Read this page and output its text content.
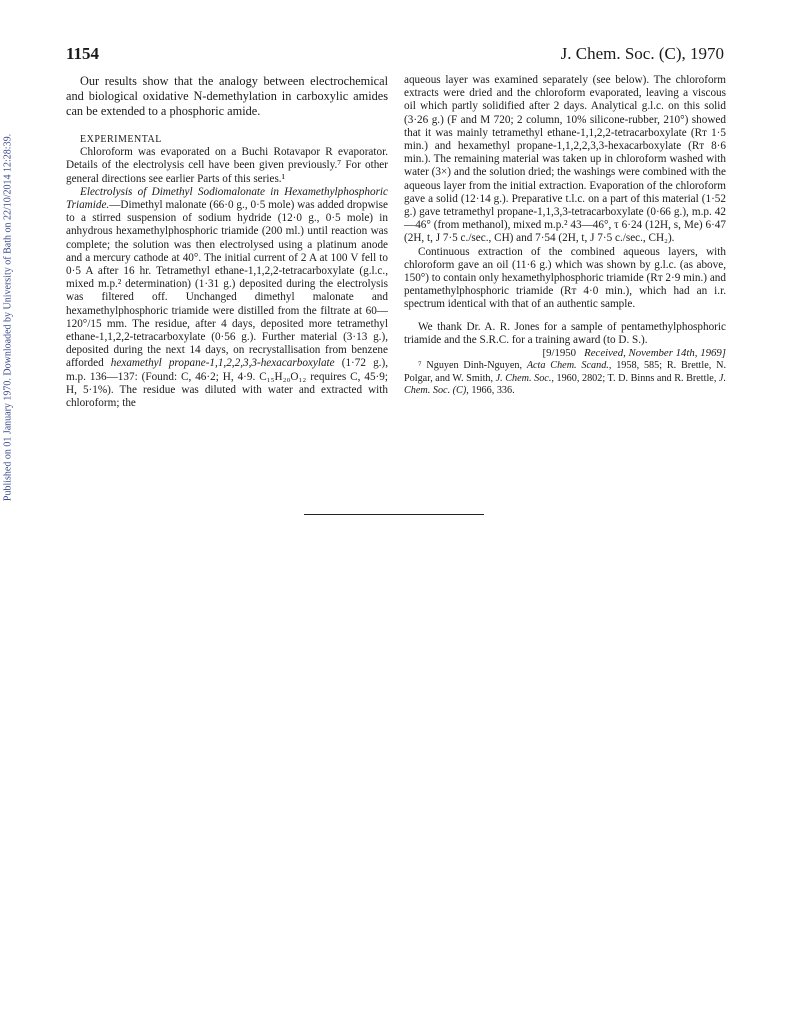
Published on 01 January 1970. Downloaded by University of Bath on 22/10/2014 12:28:39.
1154	J. Chem. Soc. (C), 1970

Our results show that the analogy between electrochemical and biological oxidative N-demethylation in carboxylic amides can be extended to a phosphoric amide.

EXPERIMENTAL

Chloroform was evaporated on a Buchi Rotavapor R evaporator. Details of the electrolysis cell have been given previously.⁷ For other general directions see earlier Parts of this series.¹

Electrolysis of Dimethyl Sodiomalonate in Hexamethylphosphoric Triamide.—Dimethyl malonate (66·0 g., 0·5 mole) was added dropwise to a stirred suspension of sodium hydride (12·0 g., 0·5 mole) in anhydrous hexamethylphosphoric triamide (200 ml.) until reaction was complete; the solution was then electrolysed using a platinum anode and a mercury cathode at 40°. The initial current of 2 A at 100 V fell to 0·5 A after 16 hr. Tetramethyl ethane-1,1,2,2-tetracarboxylate (g.l.c., mixed m.p.² determination) (1·31 g.) deposited during the electrolysis was filtered off. Unchanged dimethyl malonate and hexamethylphosphoric triamide were distilled from the filtrate at 60—120°/15 mm. The residue, after 4 days, deposited more tetramethyl ethane-1,1,2,2-tetracarboxylate (0·56 g.). Further material (3·13 g.), deposited during the next 14 days, on recrystallisation from benzene afforded hexamethyl propane-1,1,2,2,3,3-hexacarboxylate (1·72 g.), m.p. 136—137: (Found: C, 46·2; H, 4·9. C₁₅H₂₀O₁₂ requires C, 45·9; H, 5·1%). The residue was diluted with water and extracted with chloroform; the

aqueous layer was examined separately (see below). The chloroform extracts were dried and the chloroform evaporated, leaving a viscous oil which partly solidified after 2 days. Analytical g.l.c. on this solid (3·26 g.) (F and M 720; 2 column, 10% silicone-rubber, 210°) showed that it was mainly tetramethyl ethane-1,1,2,2-tetracarboxylate (Rᴛ 1·5 min.) and hexamethyl propane-1,1,2,2,3,3-hexacarboxylate (Rᴛ 8·6 min.). The remaining material was taken up in chloroform washed with water (3×) and the solution dried; the washings were combined with the aqueous layer from the initial extraction. Evaporation of the chloroform gave a solid (12·14 g.). Preparative t.l.c. on a part of this material (1·52 g.) gave tetramethyl propane-1,1,3,3-tetracarboxylate (0·66 g.), m.p. 42—46° (from methanol), mixed m.p.² 43—46°, τ 6·24 (12H, s, Me) 6·47 (2H, t, J 7·5 c./sec., CH) and 7·54 (2H, t, J 7·5 c./sec., CH₂).

Continuous extraction of the combined aqueous layers, with chloroform gave an oil (11·6 g.) which was shown by g.l.c. (as above, 150°) to contain only hexamethylphosphoric triamide (Rᴛ 2·9 min.) and pentamethylphosphoric triamide (Rᴛ 4·0 min.), which had an i.r. spectrum identical with that of an authentic sample.

We thank Dr. A. R. Jones for a sample of pentamethylphosphoric triamide and the S.R.C. for a training award (to D. S.).

[9/1950 Received, November 14th, 1969]

⁷ Nguyen Dinh-Nguyen, Acta Chem. Scand., 1958, 585; R. Brettle, N. Polgar, and W. Smith, J. Chem. Soc., 1960, 2802; T. D. Binns and R. Brettle, J. Chem. Soc. (C), 1966, 336.
